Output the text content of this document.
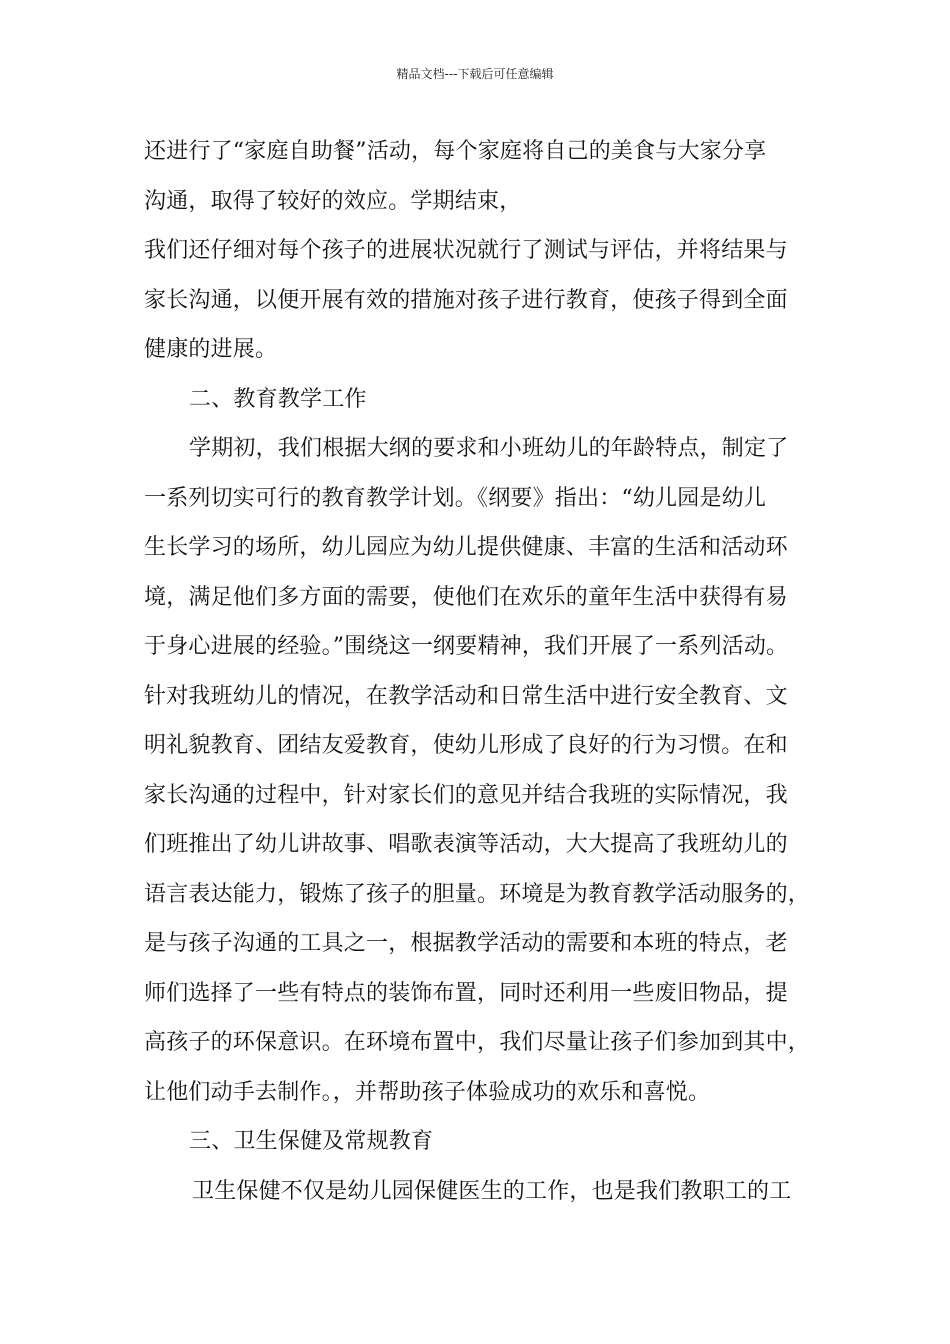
精品文档---下载后可任意编辑
还进行了“家庭自助餐”活动，每个家庭将自己的美食与大家分享
沟通，取得了较好的效应。学期结束，
我们还仔细对每个孩子的进展状况就行了测试与评估，并将结果与
家长沟通，以便开展有效的措施对孩子进行教育，使孩子得到全面
健康的进展。
二、教育教学工作
学期初，我们根据大纲的要求和小班幼儿的年龄特点，制定了
一系列切实可行的教育教学计划。《纲要》指出：“幼儿园是幼儿
生长学习的场所，幼儿园应为幼儿提供健康、丰富的生活和活动环
境，满足他们多方面的需要，使他们在欢乐的童年生活中获得有易
于身心进展的经验。”围绕这一纲要精神，我们开展了一系列活动。
针对我班幼儿的情况，在教学活动和日常生活中进行安全教育、文
明礼貌教育、团结友爱教育，使幼儿形成了良好的行为习惯。在和
家长沟通的过程中，针对家长们的意见并结合我班的实际情况，我
们班推出了幼儿讲故事、唱歌表演等活动，大大提高了我班幼儿的
语言表达能力，锻炼了孩子的胆量。环境是为教育教学活动服务的，
是与孩子沟通的工具之一，根据教学活动的需要和本班的特点，老
师们选择了一些有特点的装饰布置，同时还利用一些废旧物品，提
高孩子的环保意识。在环境布置中，我们尽量让孩子们参加到其中，
让他们动手去制作。，并帮助孩子体验成功的欢乐和喜悦。
三、卫生保健及常规教育
卫生保健不仅是幼儿园保健医生的工作，也是我们教职工的工
